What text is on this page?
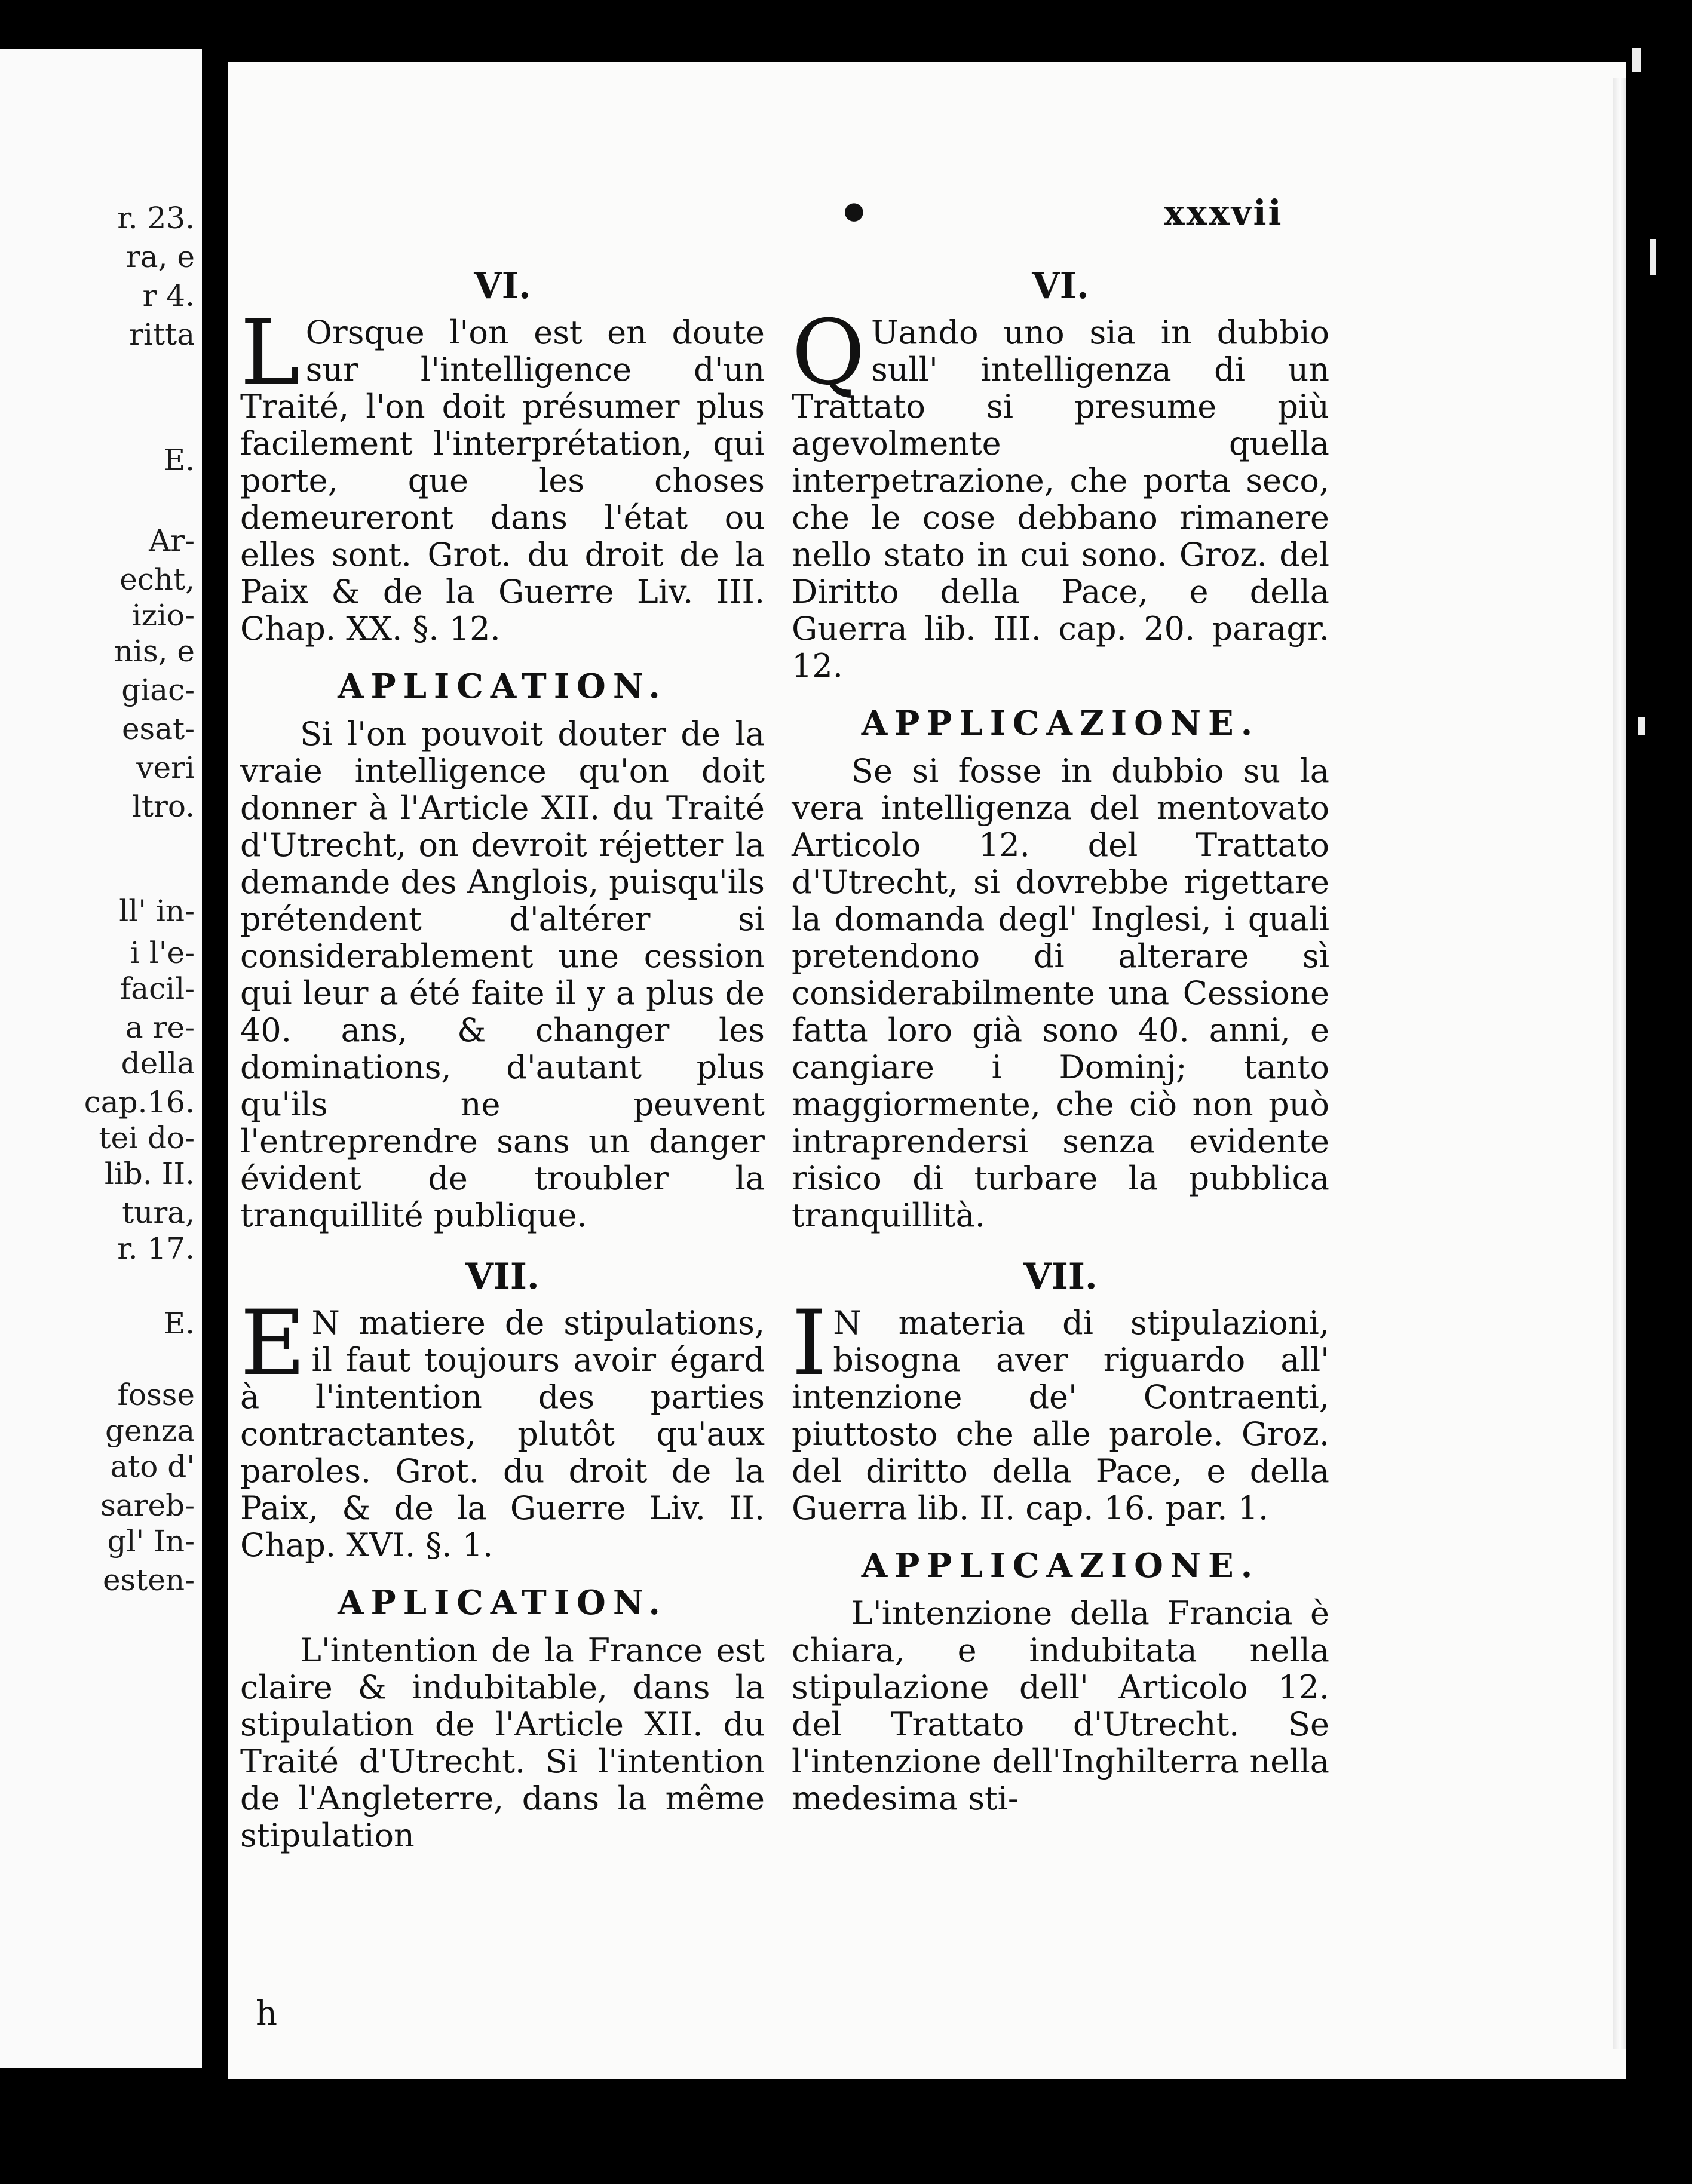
r. 23.
ra, e
r 4.
ritta
E.
Ar-
echt,
izio-
nis, e
giac-
esat-
veri
ltro.
ll' in-
i l'e-
facil-
a re-
della
cap.16.
tei do-
lib. II.
tura,
r. 17.
E.
fosse
genza
ato d'
sareb-
gl' In-
esten-
●	xxxvii
VI.

L Orsque l'on est en doute sur l'intelligence d'un Traité, l'on doit présumer plus facilement l'interprétation, qui porte, que les choses demeureront dans l'état ou elles sont. Grot. du droit de la Paix & de la Guerre Liv. III. Chap. XX. §. 12.

APLICATION.

Si l'on pouvoit douter de la vraie intelligence qu'on doit donner à l'Article XII. du Traité d'Utrecht, on devroit réjetter la demande des Anglois, puisqu'ils prétendent d'altérer si considerablement une cession qui leur a été faite il y a plus de 40. ans, & changer les dominations, d'autant plus qu'ils ne peuvent l'entreprendre sans un danger évident de troubler la tranquillité publique.

VII.

E N matiere de stipulations, il faut toujours avoir égard à l'intention des parties contractantes, plutôt qu'aux paroles. Grot. du droit de la Paix, & de la Guerre Liv. II. Chap. XVI. §. 1.

APLICATION.

L'intention de la France est claire & indubitable, dans la stipulation de l'Article XII. du Traité d'Utrecht. Si l'intention de l'Angleterre, dans la même stipulation

VI.

Q Uando uno sia in dubbio sull' intelligenza di un Trattato si presume più agevolmente quella interpetrazione, che porta seco, che le cose debbano rimanere nello stato in cui sono. Groz. del Diritto della Pace, e della Guerra lib. III. cap. 20. paragr. 12.

APPLICAZIONE.

Se si fosse in dubbio su la vera intelligenza del mentovato Articolo 12. del Trattato d'Utrecht, si dovrebbe rigettare la domanda degl' Inglesi, i quali pretendono di alterare sì considerabilmente una Cessione fatta loro già sono 40. anni, e cangiare i Dominj; tanto maggiormente, che ciò non può intraprendersi senza evidente risico di turbare la pubblica tranquillità.

VII.

I N materia di stipulazioni, bisogna aver riguardo all' intenzione de' Contraenti, piuttosto che alle parole. Groz. del diritto della Pace, e della Guerra lib. II. cap. 16. par. 1.

APPLICAZIONE.

L'intenzione della Francia è chiara, e indubitata nella stipulazione dell' Articolo 12. del Trattato d'Utrecht. Se l'intenzione dell'Inghilterra nella medesima sti-

h
